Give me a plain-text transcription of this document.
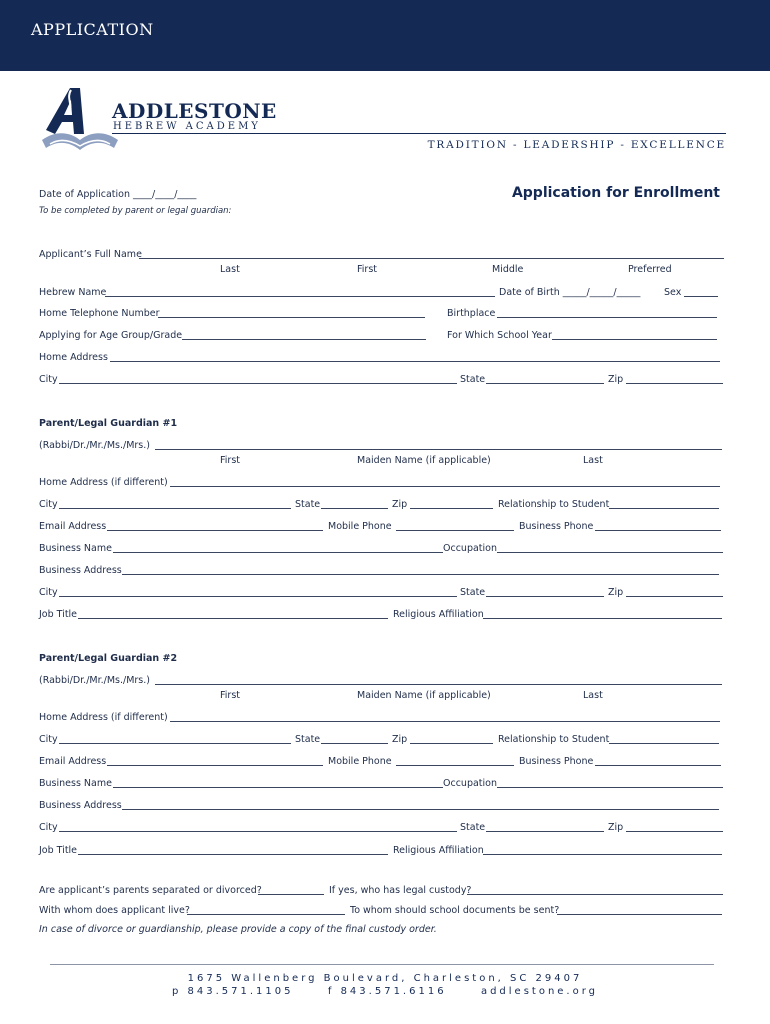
APPLICATION
ADDLESTONE
HEBREW ACADEMY
TRADITION - LEADERSHIP - EXCELLENCE
Application for Enrollment
Date of Application ____/____/____
To be completed by parent or legal guardian:
Applicant’s Full Name
Last	First	Middle	Preferred
Hebrew Name	Date of Birth _____/_____/_____ Sex
Home Telephone Number	Birthplace
Applying for Age Group/Grade	For Which School Year
Home Address
City	State	Zip
Parent/Legal Guardian #1
(Rabbi/Dr./Mr./Ms./Mrs.)
First	Maiden Name (if applicable)	Last
Home Address (if different)
City	State	Zip	Relationship to Student
Email Address	Mobile Phone	Business Phone
Business Name	Occupation
Business Address
City	State	Zip
Job Title	Religious Affiliation
Parent/Legal Guardian #2
(Rabbi/Dr./Mr./Ms./Mrs.)
First	Maiden Name (if applicable)	Last
Home Address (if different)
City	State	Zip	Relationship to Student
Email Address	Mobile Phone	Business Phone
Business Name	Occupation
Business Address
City	State	Zip
Job Title	Religious Affiliation
Are applicant’s parents separated or divorced?	If yes, who has legal custody?
With whom does applicant live?	To whom should school documents be sent?
In case of divorce or guardianship, please provide a copy of the final custody order.
1675 Wallenberg Boulevard, Charleston, SC 29407
p 843.571.1105	f 843.571.6116	addlestone.org
